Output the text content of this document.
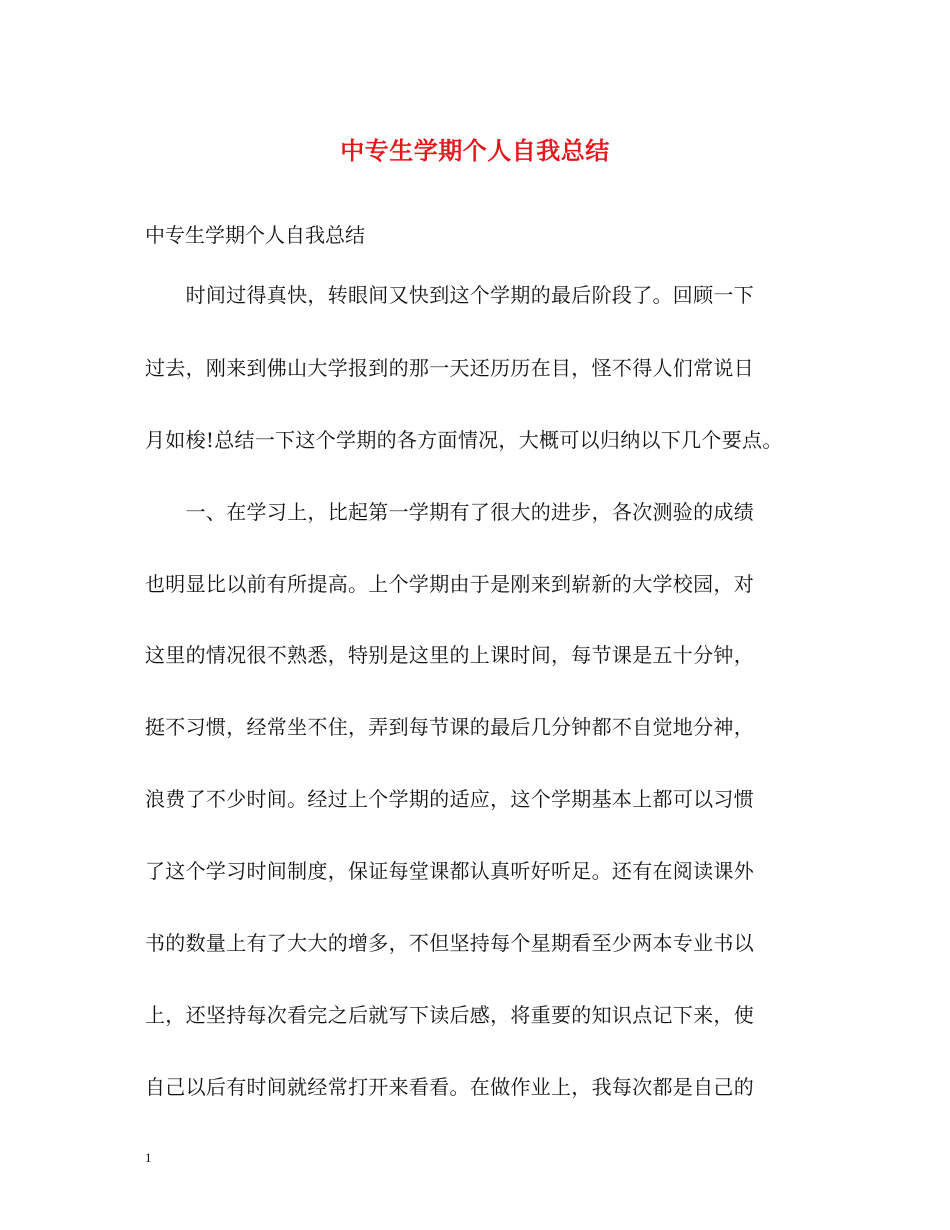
中专生学期个人自我总结
中专生学期个人自我总结
　　时间过得真快，转眼间又快到这个学期的最后阶段了。回顾一下
过去，刚来到佛山大学报到的那一天还历历在目，怪不得人们常说日
月如梭!总结一下这个学期的各方面情况，大概可以归纳以下几个要点。
　　一、在学习上，比起第一学期有了很大的进步，各次测验的成绩
也明显比以前有所提高。上个学期由于是刚来到崭新的大学校园，对
这里的情况很不熟悉，特别是这里的上课时间，每节课是五十分钟，
挺不习惯，经常坐不住，弄到每节课的最后几分钟都不自觉地分神，
浪费了不少时间。经过上个学期的适应，这个学期基本上都可以习惯
了这个学习时间制度，保证每堂课都认真听好听足。还有在阅读课外
书的数量上有了大大的增多，不但坚持每个星期看至少两本专业书以
上，还坚持每次看完之后就写下读后感，将重要的知识点记下来，使
自己以后有时间就经常打开来看看。在做作业上，我每次都是自己的
1
